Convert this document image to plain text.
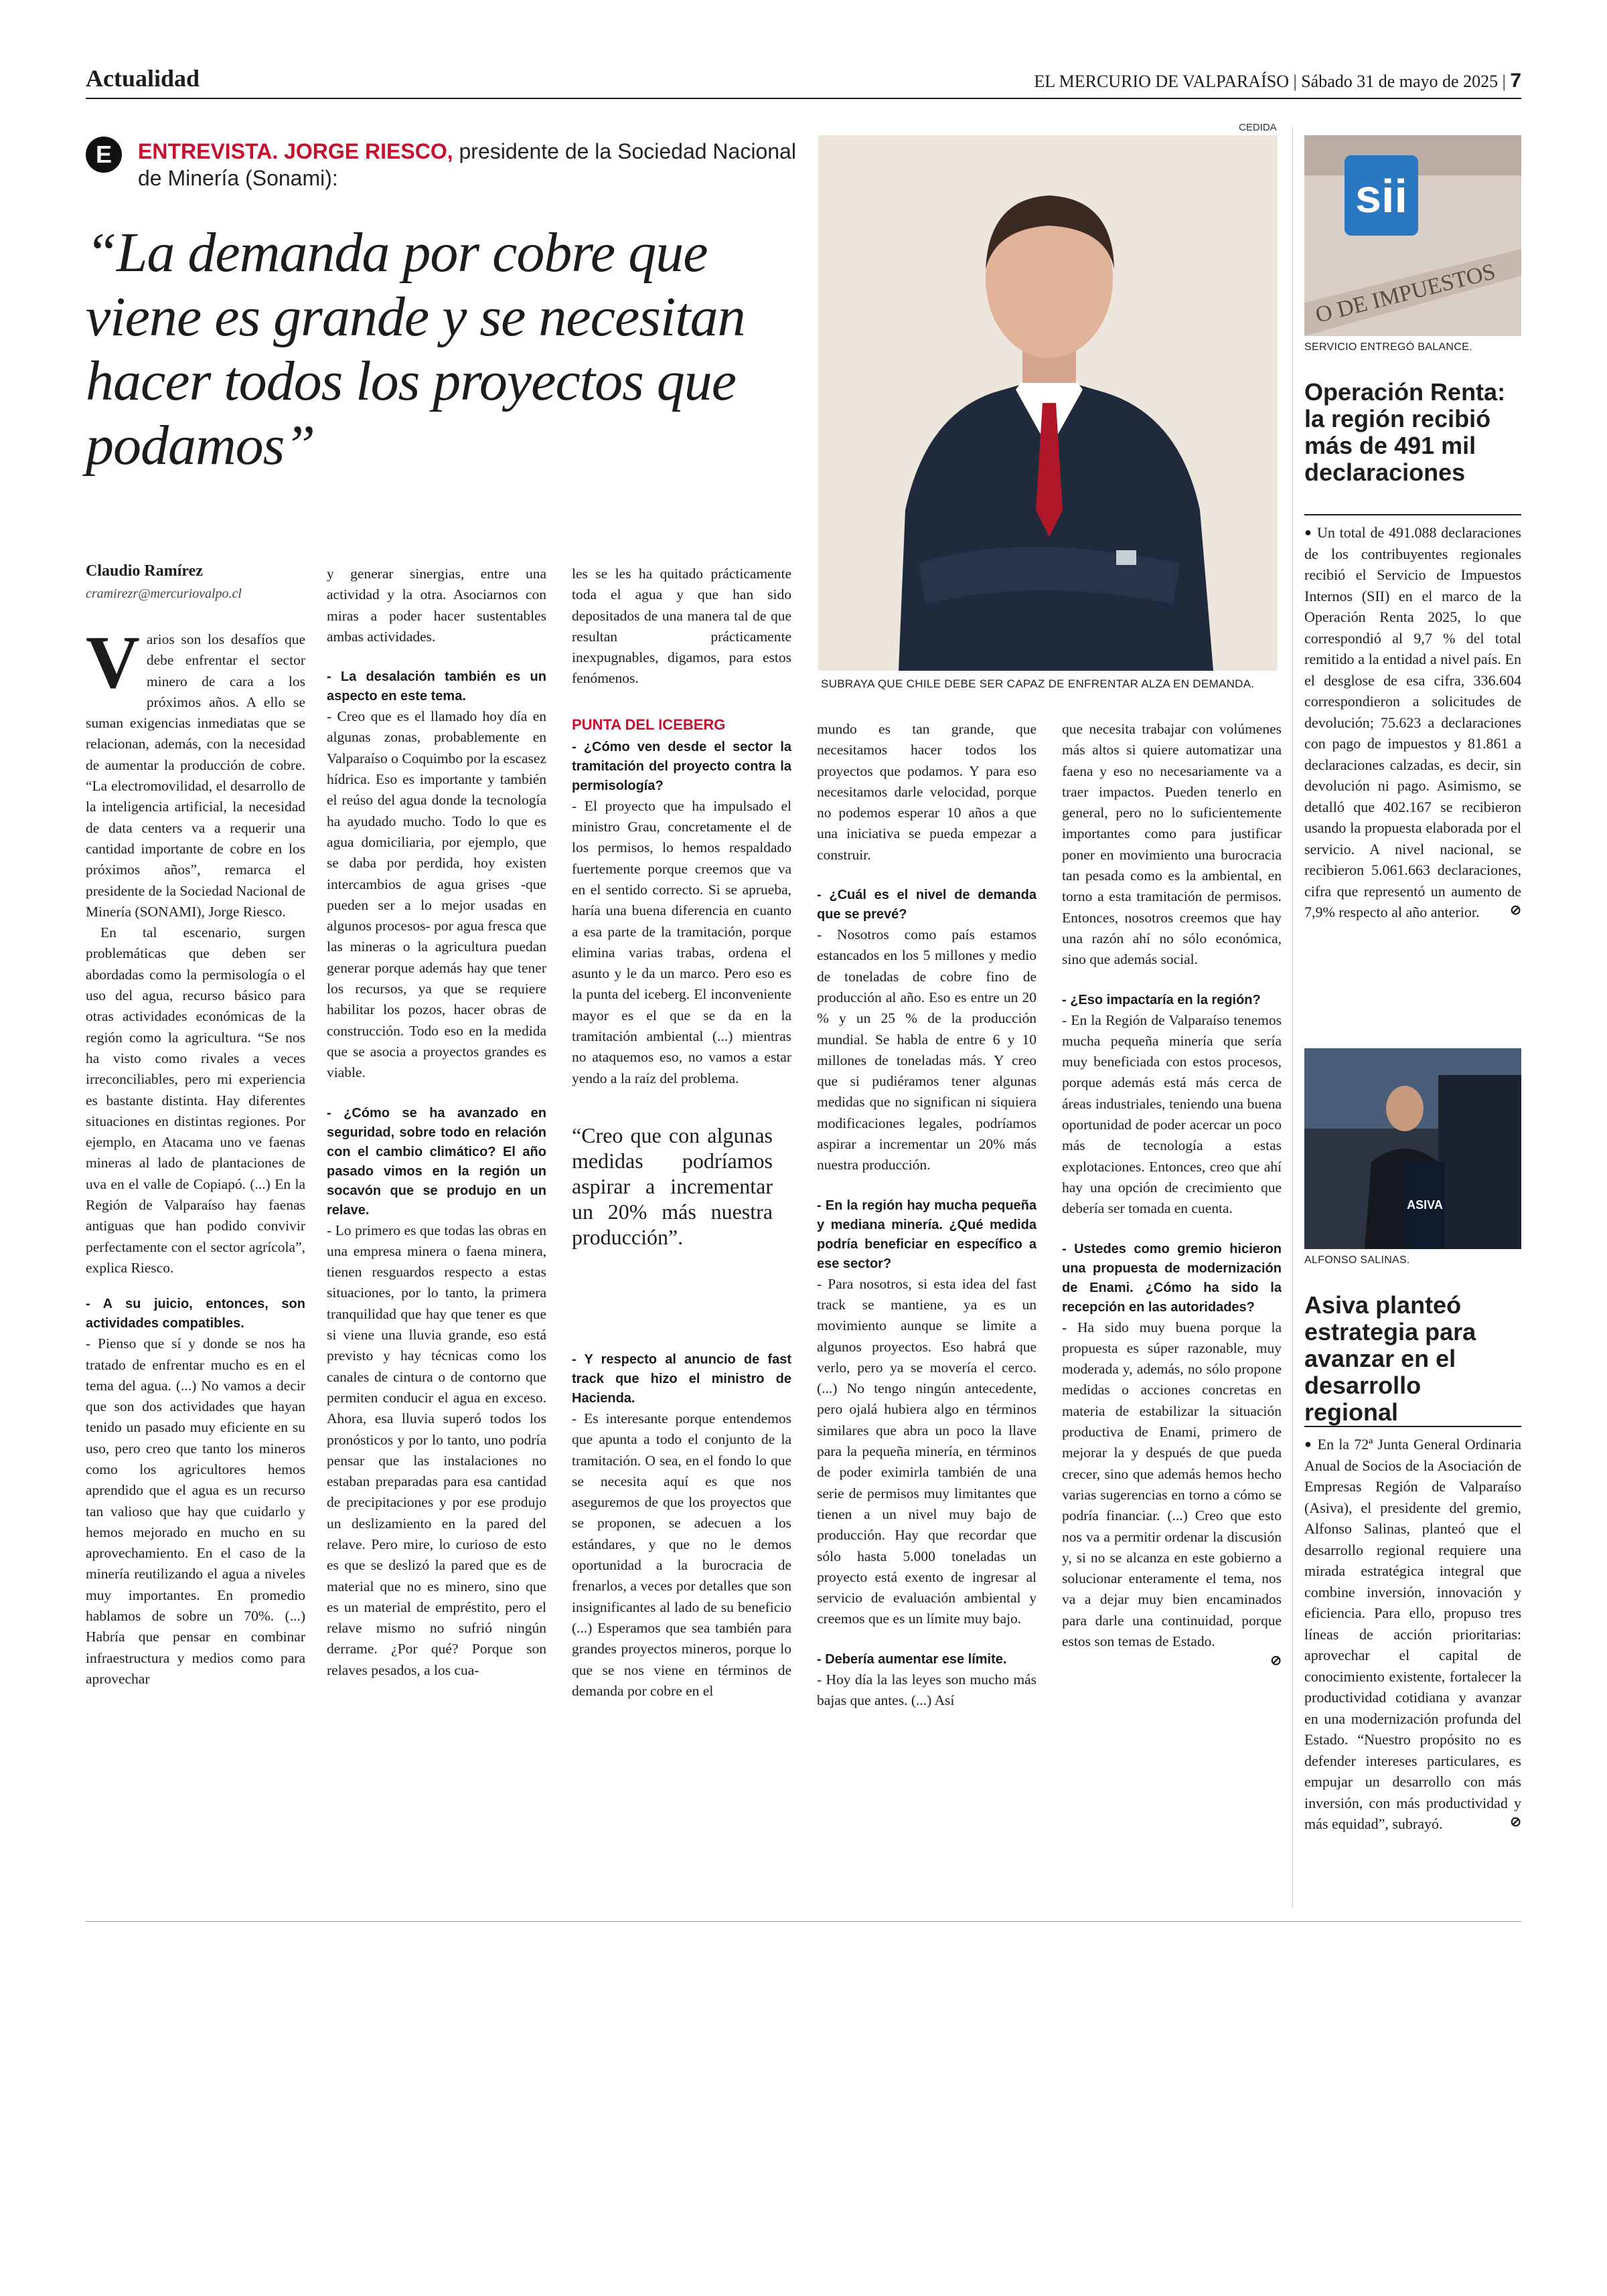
Actualidad	EL MERCURIO DE VALPARAÍSO | Sábado 31 de mayo de 2025 | 7
E	ENTREVISTA. JORGE RIESCO, presidente de la Sociedad Nacional de Minería (Sonami):
“La demanda por cobre que viene es grande y se necesitan hacer todos los proyectos que podamos”
Claudio Ramírez
cramirezr@mercuriovalpo.cl

Varios son los desafíos que debe enfrentar el sector minero de cara a los próximos años. A ello se suman exigencias inmediatas que se relacionan, además, con la necesidad de aumentar la producción de cobre. “La electromovilidad, el desarrollo de la inteligencia artificial, la necesidad de data centers va a requerir una cantidad importante de cobre en los próximos años”, remarca el presidente de la Sociedad Nacional de Minería (SONAMI), Jorge Riesco.

En tal escenario, surgen problemáticas que deben ser abordadas como la permisología o el uso del agua, recurso básico para otras actividades económicas de la región como la agricultura. “Se nos ha visto como rivales a veces irreconciliables, pero mi experiencia es bastante distinta. Hay diferentes situaciones en distintas regiones. Por ejemplo, en Atacama uno ve faenas mineras al lado de plantaciones de uva en el valle de Copiapó. (...) En la Región de Valparaíso hay faenas antiguas que han podido convivir perfectamente con el sector agrícola”, explica Riesco.

- A su juicio, entonces, son actividades compatibles.

- Pienso que sí y donde se nos ha tratado de enfrentar mucho es en el tema del agua. (...) No vamos a decir que son dos actividades que hayan tenido un pasado muy eficiente en su uso, pero creo que tanto los mineros como los agricultores hemos aprendido que el agua es un recurso tan valioso que hay que cuidarlo y hemos mejorado en mucho en su aprovechamiento. En el caso de la minería reutilizando el agua a niveles muy importantes. En promedio hablamos de sobre un 70%. (...) Habría que pensar en combinar infraestructura y medios como para aprovechar

y generar sinergias, entre una actividad y la otra. Asociarnos con miras a poder hacer sustentables ambas actividades.

- La desalación también es un aspecto en este tema.

- Creo que es el llamado hoy día en algunas zonas, probablemente en Valparaíso o Coquimbo por la escasez hídrica. Eso es importante y también el reúso del agua donde la tecnología ha ayudado mucho. Todo lo que es agua domiciliaria, por ejemplo, que se daba por perdida, hoy existen intercambios de agua grises -que pueden ser a lo mejor usadas en algunos procesos- por agua fresca que las mineras o la agricultura puedan generar porque además hay que tener los recursos, ya que se requiere habilitar los pozos, hacer obras de construcción. Todo eso en la medida que se asocia a proyectos grandes es viable.

- ¿Cómo se ha avanzado en seguridad, sobre todo en relación con el cambio climático? El año pasado vimos en la región un socavón que se produjo en un relave.

- Lo primero es que todas las obras en una empresa minera o faena minera, tienen resguardos respecto a estas situaciones, por lo tanto, la primera tranquilidad que hay que tener es que si viene una lluvia grande, eso está previsto y hay técnicas como los canales de cintura o de contorno que permiten conducir el agua en exceso. Ahora, esa lluvia superó todos los pronósticos y por lo tanto, uno podría pensar que las instalaciones no estaban preparadas para esa cantidad de precipitaciones y por ese produjo un deslizamiento en la pared del relave. Pero mire, lo curioso de esto es que se deslizó la pared que es de material que no es minero, sino que es un material de empréstito, pero el relave mismo no sufrió ningún derrame. ¿Por qué? Porque son relaves pesados, a los cua-

les se les ha quitado prácticamente toda el agua y que han sido depositados de una manera tal de que resultan prácticamente inexpugnables, digamos, para estos fenómenos.

PUNTA DEL ICEBERG

- ¿Cómo ven desde el sector la tramitación del proyecto contra la permisología?

- El proyecto que ha impulsado el ministro Grau, concretamente el de los permisos, lo hemos respaldado fuertemente porque creemos que va en el sentido correcto. Si se aprueba, haría una buena diferencia en cuanto a esa parte de la tramitación, porque elimina varias trabas, ordena el asunto y le da un marco. Pero eso es la punta del iceberg. El inconveniente mayor es el que se da en la tramitación ambiental (...) mientras no ataquemos eso, no vamos a estar yendo a la raíz del problema.

“Creo que con algunas medidas podríamos aspirar a incrementar un 20% más nuestra producción”.

- Y respecto al anuncio de fast track que hizo el ministro de Hacienda.

- Es interesante porque entendemos que apunta a todo el conjunto de la tramitación. O sea, en el fondo lo que se necesita aquí es que nos aseguremos de que los proyectos que se proponen, se adecuen a los estándares, y que no le demos oportunidad a la burocracia de frenarlos, a veces por detalles que son insignificantes al lado de su beneficio (...) Esperamos que sea también para grandes proyectos mineros, porque lo que se nos viene en términos de demanda por cobre en el

CEDIDA
SUBRAYA QUE CHILE DEBE SER CAPAZ DE ENFRENTAR ALZA EN DEMANDA.

mundo es tan grande, que necesitamos hacer todos los proyectos que podamos. Y para eso necesitamos darle velocidad, porque no podemos esperar 10 años a que una iniciativa se pueda empezar a construir.

- ¿Cuál es el nivel de demanda que se prevé?

- Nosotros como país estamos estancados en los 5 millones y medio de toneladas de cobre fino de producción al año. Eso es entre un 20 % y un 25 % de la producción mundial. Se habla de entre 6 y 10 millones de toneladas más. Y creo que si pudiéramos tener algunas medidas que no significan ni siquiera modificaciones legales, podríamos aspirar a incrementar un 20% más nuestra producción.

- En la región hay mucha pequeña y mediana minería. ¿Qué medida podría beneficiar en específico a ese sector?

- Para nosotros, si esta idea del fast track se mantiene, ya es un movimiento aunque se limite a algunos proyectos. Eso habrá que verlo, pero ya se movería el cerco. (...) No tengo ningún antecedente, pero ojalá hubiera algo en términos similares que abra un poco la llave para la pequeña minería, en términos de poder eximirla también de una serie de permisos muy limitantes que tienen a un nivel muy bajo de producción. Hay que recordar que sólo hasta 5.000 toneladas un proyecto está exento de ingresar al servicio de evaluación ambiental y creemos que es un límite muy bajo.

- Debería aumentar ese límite.

- Hoy día la las leyes son mucho más bajas que antes. (...) Así

que necesita trabajar con volúmenes más altos si quiere automatizar una faena y eso no necesariamente va a traer impactos. Pueden tenerlo en general, pero no lo suficientemente importantes como para justificar poner en movimiento una burocracia tan pesada como es la ambiental, en torno a esta tramitación de permisos. Entonces, nosotros creemos que hay una razón ahí no sólo económica, sino que además social.

- ¿Eso impactaría en la región?

- En la Región de Valparaíso tenemos mucha pequeña minería que sería muy beneficiada con estos procesos, porque además está más cerca de áreas industriales, teniendo una buena oportunidad de poder acercar un poco más de tecnología a estas explotaciones. Entonces, creo que ahí hay una opción de crecimiento que debería ser tomada en cuenta.

- Ustedes como gremio hicieron una propuesta de modernización de Enami. ¿Cómo ha sido la recepción en las autoridades?

- Ha sido muy buena porque la propuesta es súper razonable, muy moderada y, además, no sólo propone medidas o acciones concretas en materia de estabilizar la situación productiva de Enami, primero de mejorar la y después de que pueda crecer, sino que además hemos hecho varias sugerencias en torno a cómo se podría financiar. (...) Creo que esto nos va a permitir ordenar la discusión y, si no se alcanza en este gobierno a solucionar enteramente el tema, nos va a dejar muy bien encaminados para darle una continuidad, porque estos son temas de Estado.

⊘

sii
O DE IMPUESTOS
SERVICIO ENTREGÓ BALANCE.
Operación Renta: la región recibió más de 491 mil declaraciones
● Un total de 491.088 declaraciones de los contribuyentes regionales recibió el Servicio de Impuestos Internos (SII) en el marco de la Operación Renta 2025, lo que correspondió al 9,7 % del total remitido a la entidad a nivel país. En el desglose de esa cifra, 336.604 correspondieron a solicitudes de devolución; 75.623 a declaraciones con pago de impuestos y 81.861 a declaraciones calzadas, es decir, sin devolución ni pago. Asimismo, se detalló que 402.167 se recibieron usando la propuesta elaborada por el servicio. A nivel nacional, se recibieron 5.061.663 declaraciones, cifra que representó un aumento de 7,9% respecto al año anterior. ⊘
ASIVA
ALFONSO SALINAS.
Asiva planteó estrategia para avanzar en el desarrollo regional
● En la 72ª Junta General Ordinaria Anual de Socios de la Asociación de Empresas Región de Valparaíso (Asiva), el presidente del gremio, Alfonso Salinas, planteó que el desarrollo regional requiere una mirada estratégica integral que combine inversión, innovación y eficiencia. Para ello, propuso tres líneas de acción prioritarias: aprovechar el capital de conocimiento existente, fortalecer la productividad cotidiana y avanzar en una modernización profunda del Estado. “Nuestro propósito no es defender intereses particulares, es empujar un desarrollo con más inversión, con más productividad y más equidad”, subrayó.	⊘
